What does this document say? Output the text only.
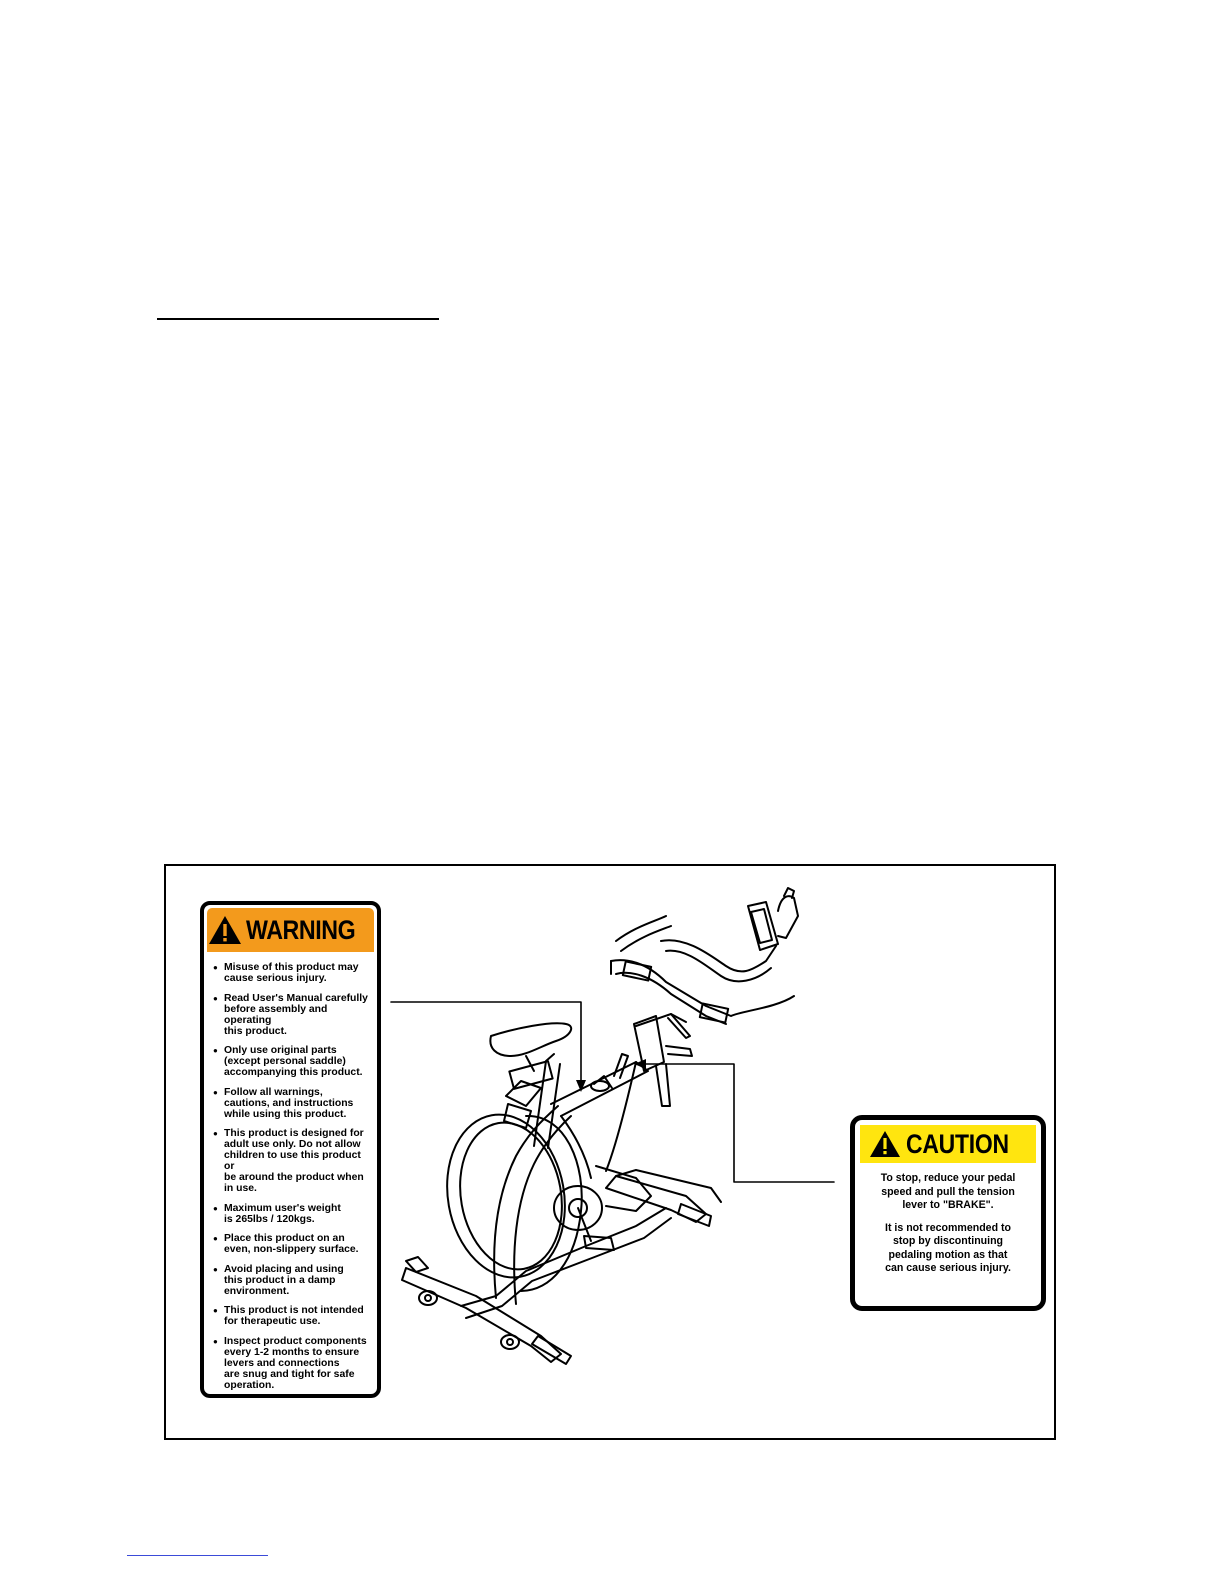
WARNING
● Misuse of this product may
cause serious injury.
● Read User's Manual carefully
before assembly and operating
this product.
● Only use original parts
(except personal saddle)
accompanying this product.
● Follow all warnings,
cautions, and instructions
while using this product.
● This product is designed for
adult use only. Do not allow
children to use this product or
be around the product when
in use.
● Maximum user's weight
is 265lbs / 120kgs.
● Place this product on an
even, non-slippery surface.
● Avoid placing and using
this product in a damp
environment.
● This product is not intended
for therapeutic use.
● Inspect product components
every 1-2 months to ensure
levers and connections
are snug and tight for safe
operation.
CAUTION

To stop, reduce your pedal
speed and pull the tension
lever to "BRAKE".

It is not recommended to
stop by discontinuing
pedaling motion as that
can cause serious injury.
